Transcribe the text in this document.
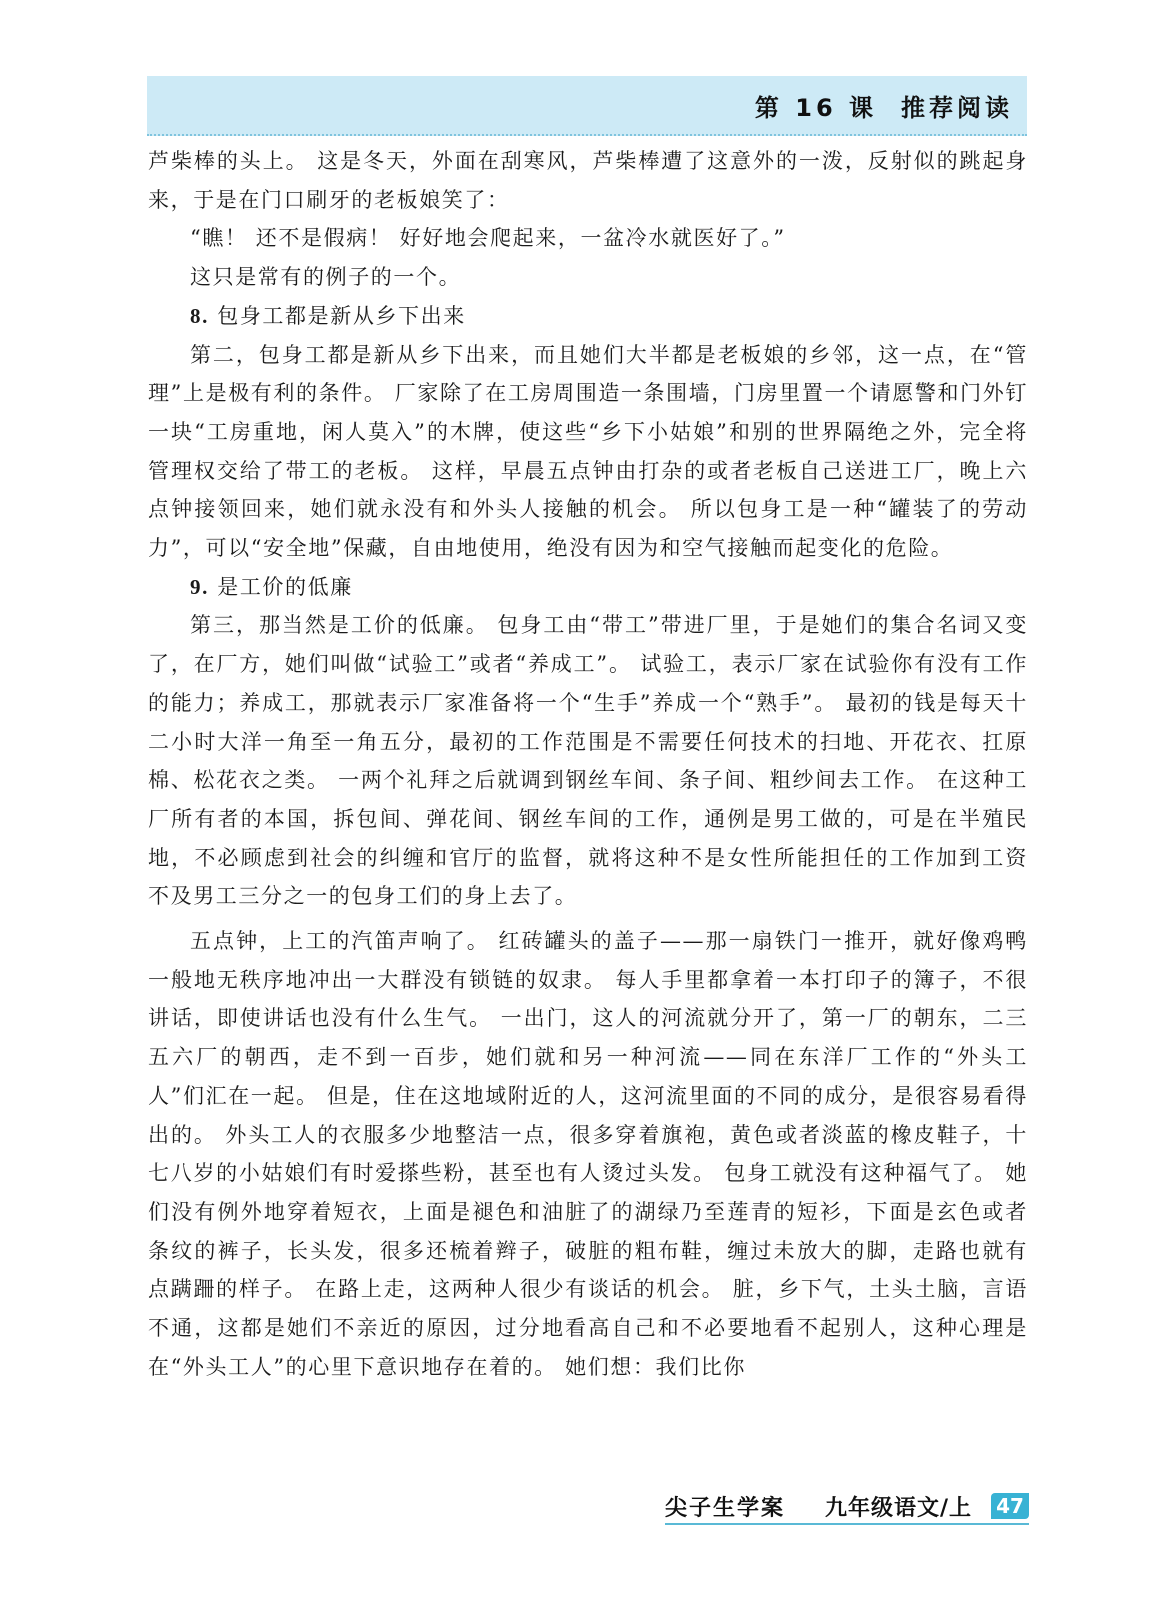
第 16 课 推荐阅读

芦柴棒的头上。 这是冬天，外面在刮寒风，芦柴棒遭了这意外的一泼，反射似的跳起身来，于是在门口刷牙的老板娘笑了：

“瞧！ 还不是假病！ 好好地会爬起来，一盆冷水就医好了。”

这只是常有的例子的一个。

8. 包身工都是新从乡下出来

第二，包身工都是新从乡下出来，而且她们大半都是老板娘的乡邻，这一点，在“管理”上是极有利的条件。 厂家除了在工房周围造一条围墙，门房里置一个请愿警和门外钉一块“工房重地，闲人莫入”的木牌，使这些“乡下小姑娘”和别的世界隔绝之外，完全将管理权交给了带工的老板。 这样，早晨五点钟由打杂的或者老板自己送进工厂，晚上六点钟接领回来，她们就永没有和外头人接触的机会。 所以包身工是一种“罐装了的劳动力”，可以“安全地”保藏，自由地使用，绝没有因为和空气接触而起变化的危险。

9. 是工价的低廉

第三，那当然是工价的低廉。 包身工由“带工”带进厂里，于是她们的集合名词又变了，在厂方，她们叫做“试验工”或者“养成工”。 试验工，表示厂家在试验你有没有工作的能力；养成工，那就表示厂家准备将一个“生手”养成一个“熟手”。 最初的钱是每天十二小时大洋一角至一角五分，最初的工作范围是不需要任何技术的扫地、开花衣、扛原棉、松花衣之类。 一两个礼拜之后就调到钢丝车间、条子间、粗纱间去工作。 在这种工厂所有者的本国，拆包间、弹花间、钢丝车间的工作，通例是男工做的，可是在半殖民地，不必顾虑到社会的纠缠和官厅的监督，就将这种不是女性所能担任的工作加到工资不及男工三分之一的包身工们的身上去了。

五点钟，上工的汽笛声响了。 红砖罐头的盖子——那一扇铁门一推开，就好像鸡鸭一般地无秩序地冲出一大群没有锁链的奴隶。 每人手里都拿着一本打印子的簿子，不很讲话，即使讲话也没有什么生气。 一出门，这人的河流就分开了，第一厂的朝东，二三五六厂的朝西，走不到一百步，她们就和另一种河流——同在东洋厂工作的“外头工人”们汇在一起。 但是，住在这地域附近的人，这河流里面的不同的成分，是很容易看得出的。 外头工人的衣服多少地整洁一点，很多穿着旗袍，黄色或者淡蓝的橡皮鞋子，十七八岁的小姑娘们有时爱搽些粉，甚至也有人烫过头发。 包身工就没有这种福气了。 她们没有例外地穿着短衣，上面是褪色和油脏了的湖绿乃至莲青的短衫，下面是玄色或者条纹的裤子，长头发，很多还梳着辫子，破脏的粗布鞋，缠过未放大的脚，走路也就有点蹒跚的样子。 在路上走，这两种人很少有谈话的机会。 脏，乡下气，土头土脑，言语不通，这都是她们不亲近的原因，过分地看高自己和不必要地看不起别人，这种心理是在“外头工人”的心里下意识地存在着的。 她们想：我们比你

尖子生学案 九年级语文/上 47
